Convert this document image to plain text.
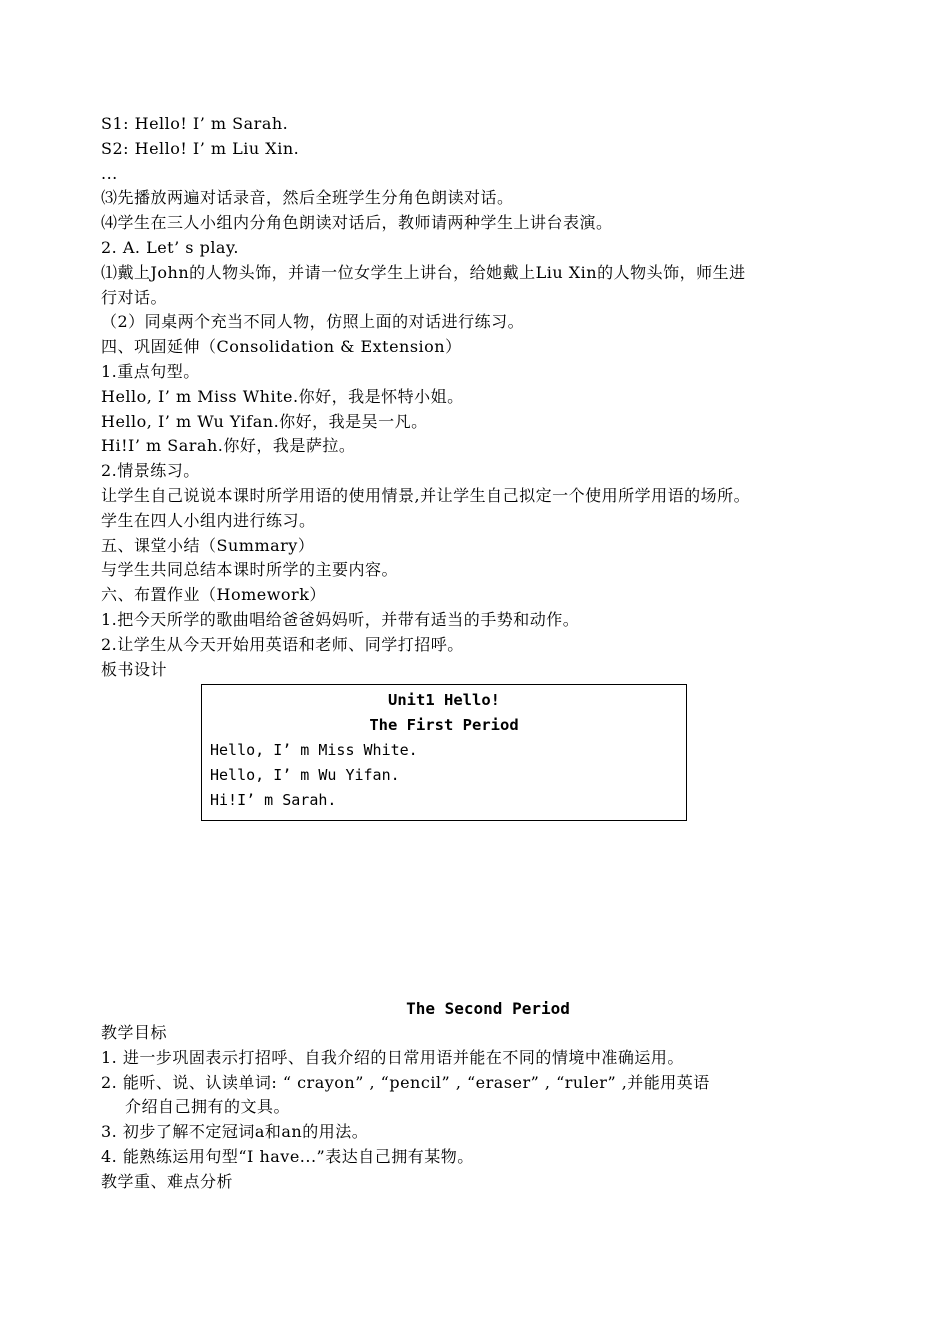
S1: Hello! I’ m Sarah.
S2: Hello! I’ m Liu Xin.
...
⑶先播放两遍对话录音，然后全班学生分角色朗读对话。
⑷学生在三人小组内分角色朗读对话后，教师请两种学生上讲台表演。
2. A. Let’ s play.
⑴戴上John的人物头饰，并请一位女学生上讲台，给她戴上Liu Xin的人物头饰，师生进
行对话。
（2）同桌两个充当不同人物，仿照上面的对话进行练习。
四、巩固延伸（Consolidation & Extension）
1.重点句型。
Hello, I’ m Miss White.你好，我是怀特小姐。
Hello, I’ m Wu Yifan.你好，我是吴一凡。
Hi!I’ m Sarah.你好，我是萨拉。
2.情景练习。
让学生自己说说本课时所学用语的使用情景,并让学生自己拟定一个使用所学用语的场所。
学生在四人小组内进行练习。
五、课堂小结（Summary）
与学生共同总结本课时所学的主要内容。
六、布置作业（Homework）
1.把今天所学的歌曲唱给爸爸妈妈听，并带有适当的手势和动作。
2.让学生从今天开始用英语和老师、同学打招呼。
板书设计
Unit1 Hello!
The First Period
Hello, I’ m Miss White.
Hello, I’ m Wu Yifan.
Hi!I’ m Sarah.
The Second Period
教学目标
1. 进一步巩固表示打招呼、自我介绍的日常用语并能在不同的情境中准确运用。
2. 能听、说、认读单词: “ crayon” , “pencil” , “eraser” , “ruler” ,并能用英语
介绍自己拥有的文具。
3. 初步了解不定冠词a和an的用法。
4. 能熟练运用句型“I have...”表达自己拥有某物。
教学重、难点分析
